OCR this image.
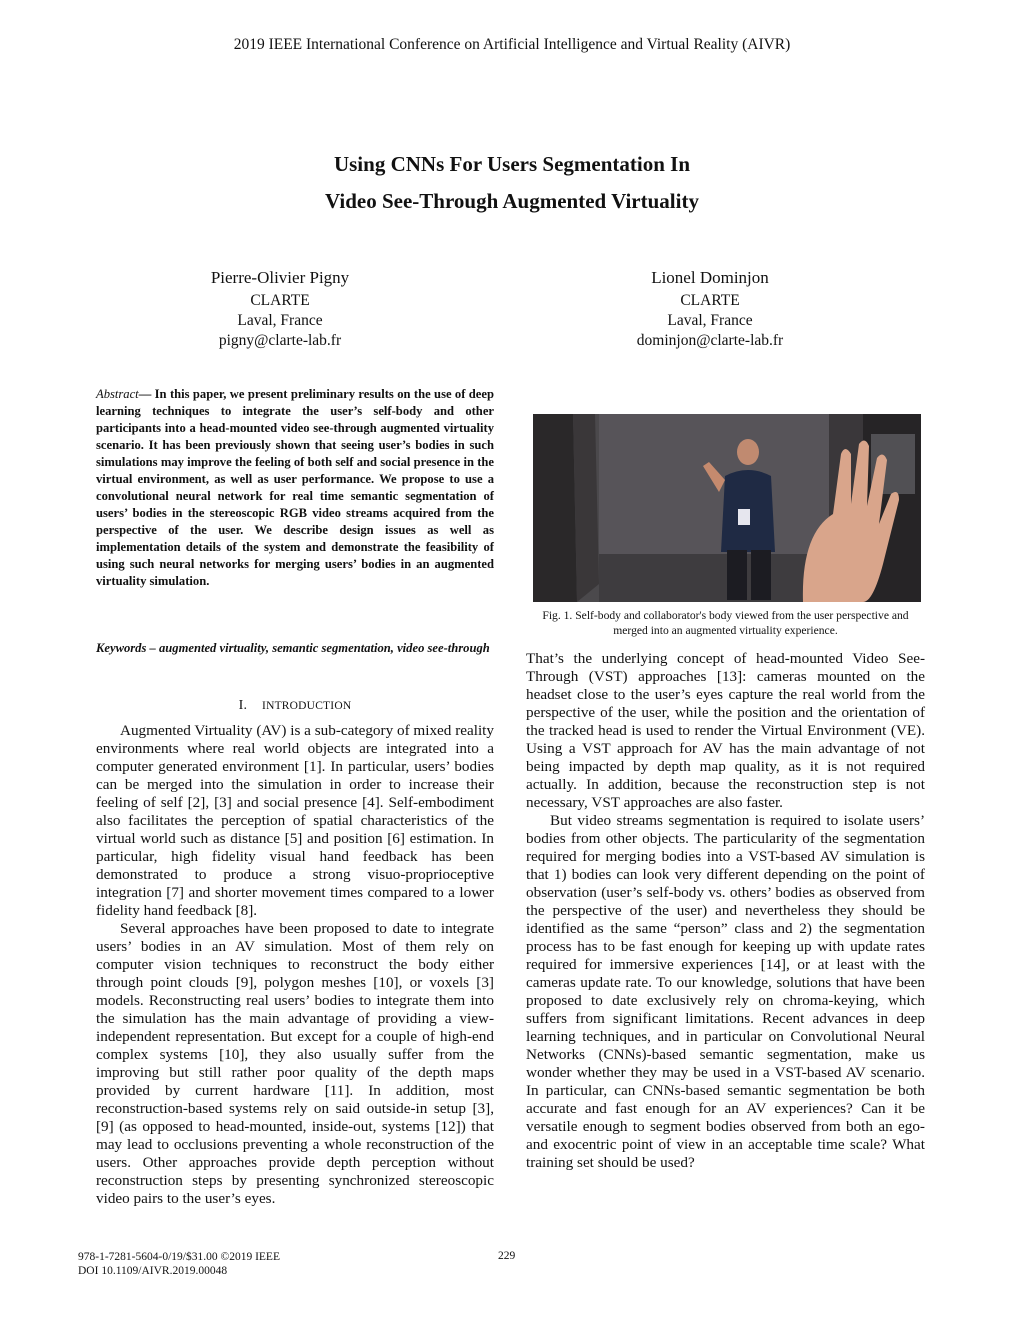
2019 IEEE International Conference on Artificial Intelligence and Virtual Reality (AIVR)
Using CNNs For Users Segmentation In
Video See-Through Augmented Virtuality
Pierre-Olivier Pigny
CLARTE
Laval, France
pigny@clarte-lab.fr
Lionel Dominjon
CLARTE
Laval, France
dominjon@clarte-lab.fr
Abstract— In this paper, we present preliminary results on the use of deep learning techniques to integrate the user’s self-body and other participants into a head-mounted video see-through augmented virtuality scenario. It has been previously shown that seeing user’s bodies in such simulations may improve the feeling of both self and social presence in the virtual environment, as well as user performance. We propose to use a convolutional neural network for real time semantic segmentation of users’ bodies in the stereoscopic RGB video streams acquired from the perspective of the user. We describe design issues as well as implementation details of the system and demonstrate the feasibility of using such neural networks for merging users’ bodies in an augmented virtuality simulation.
Keywords – augmented virtuality, semantic segmentation, video see-through
I. INTRODUCTION

Augmented Virtuality (AV) is a sub-category of mixed reality environments where real world objects are integrated into a computer generated environment [1]. In particular, users’ bodies can be merged into the simulation in order to increase their feeling of self [2], [3] and social presence [4]. Self-embodiment also facilitates the perception of spatial characteristics of the virtual world such as distance [5] and position [6] estimation. In particular, high fidelity visual hand feedback has been demonstrated to produce a strong visuo-proprioceptive integration [7] and shorter movement times compared to a lower fidelity hand feedback [8].

Several approaches have been proposed to date to integrate users’ bodies in an AV simulation. Most of them rely on computer vision techniques to reconstruct the body either through point clouds [9], polygon meshes [10], or voxels [3] models. Reconstructing real users’ bodies to integrate them into the simulation has the main advantage of providing a view-independent representation. But except for a couple of high-end complex systems [10], they also usually suffer from the improving but still rather poor quality of the depth maps provided by current hardware [11]. In addition, most reconstruction-based systems rely on said outside-in setup [3], [9] (as opposed to head-mounted, inside-out, systems [12]) that may lead to occlusions preventing a whole reconstruction of the users. Other approaches provide depth perception without reconstruction steps by presenting synchronized stereoscopic video pairs to the user’s eyes.

Fig. 1. Self-body and collaborator's body viewed from the user perspective and merged into an augmented virtuality experience.

That’s the underlying concept of head-mounted Video See-Through (VST) approaches [13]: cameras mounted on the headset close to the user’s eyes capture the real world from the perspective of the user, while the position and the orientation of the tracked head is used to render the Virtual Environment (VE). Using a VST approach for AV has the main advantage of not being impacted by depth map quality, as it is not required actually. In addition, because the reconstruction step is not necessary, VST approaches are also faster.

But video streams segmentation is required to isolate users’ bodies from other objects. The particularity of the segmentation required for merging bodies into a VST-based AV simulation is that 1) bodies can look very different depending on the point of observation (user’s self-body vs. others’ bodies as observed from the perspective of the user) and nevertheless they should be identified as the same “person” class and 2) the segmentation process has to be fast enough for keeping up with update rates required for immersive experiences [14], or at least with the cameras update rate. To our knowledge, solutions that have been proposed to date exclusively rely on chroma-keying, which suffers from significant limitations. Recent advances in deep learning techniques, and in particular on Convolutional Neural Networks (CNNs)-based semantic segmentation, make us wonder whether they may be used in a VST-based AV scenario. In particular, can CNNs-based semantic segmentation be both accurate and fast enough for an AV experiences? Can it be versatile enough to segment bodies observed from both an ego- and exocentric point of view in an acceptable time scale? What training set should be used?

978-1-7281-5604-0/19/$31.00 ©2019 IEEE
DOI 10.1109/AIVR.2019.00048
229
